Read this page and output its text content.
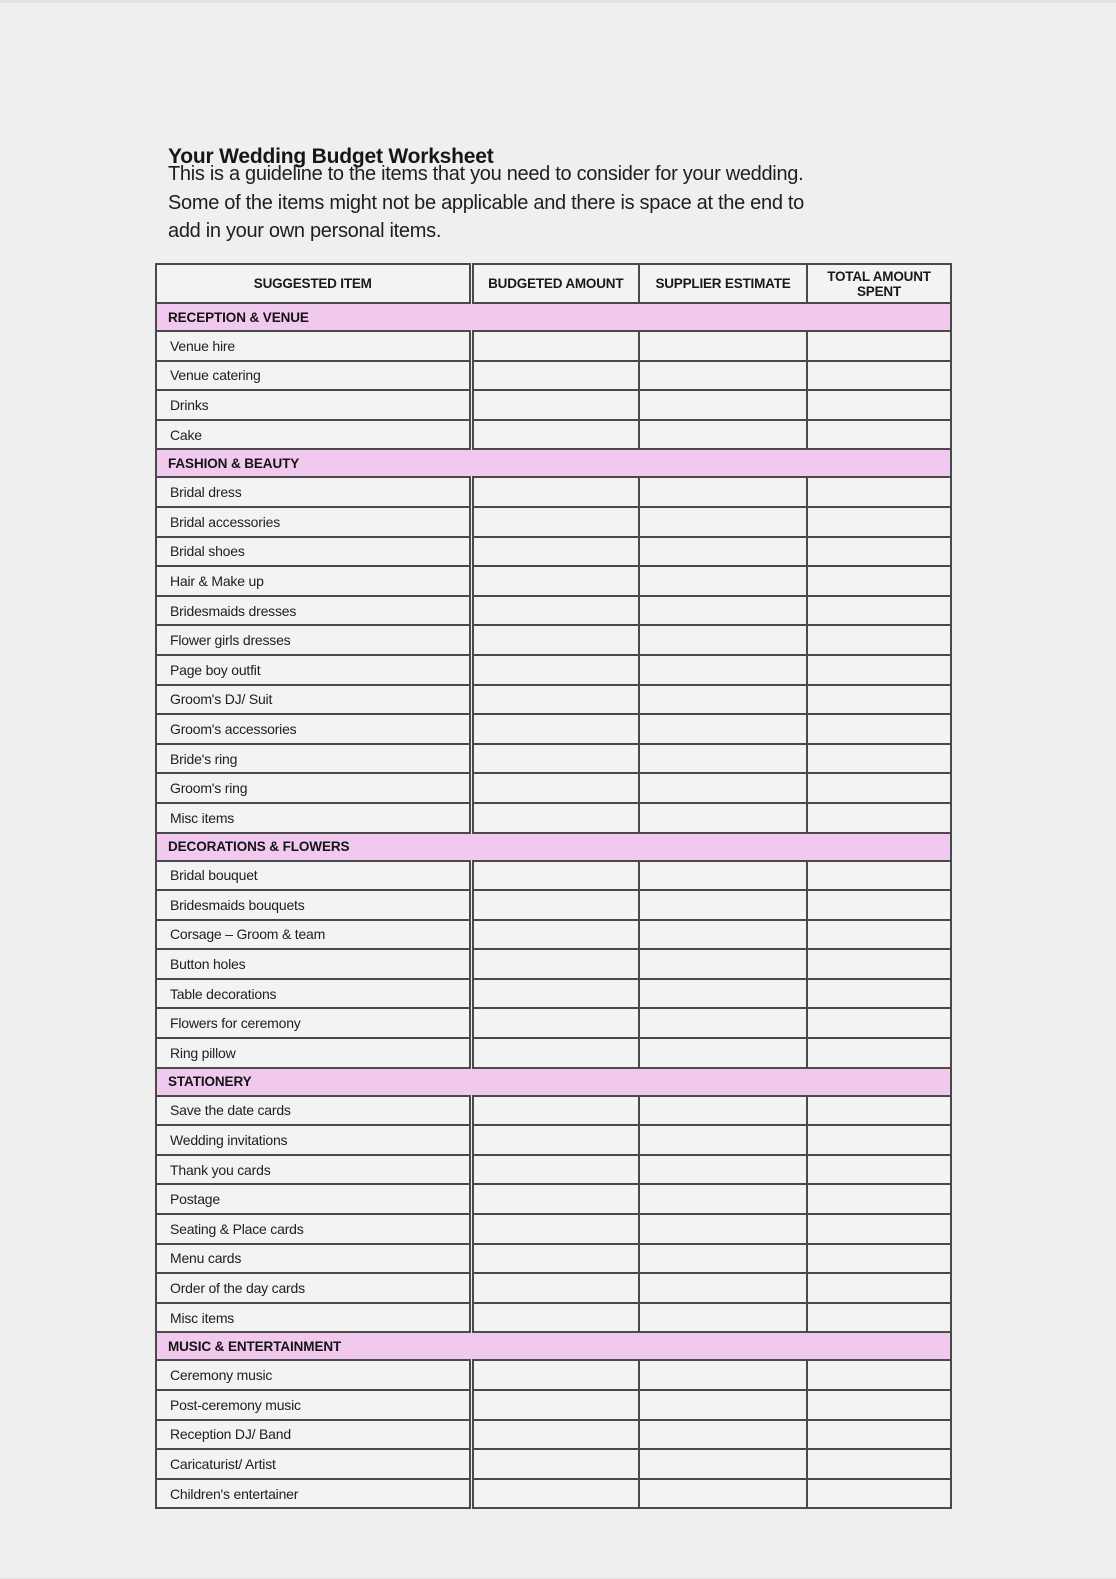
Your Wedding Budget Worksheet
This is a guideline to the items that you need to consider for your wedding.
Some of the items might not be applicable and there is space at the end to
add in your own personal items.
SUGGESTED ITEM	BUDGETED AMOUNT	SUPPLIER ESTIMATE	TOTAL AMOUNT SPENT
RECEPTION & VENUE			
Venue hire			
Venue catering			
Drinks			
Cake			
FASHION & BEAUTY			
Bridal dress			
Bridal accessories			
Bridal shoes			
Hair & Make up			
Bridesmaids dresses			
Flower girls dresses			
Page boy outfit			
Groom's DJ/ Suit			
Groom's accessories			
Bride's ring			
Groom's ring			
Misc items			
DECORATIONS & FLOWERS			
Bridal bouquet			
Bridesmaids bouquets			
Corsage – Groom & team			
Button holes			
Table decorations			
Flowers for ceremony			
Ring pillow			
STATIONERY			
Save the date cards			
Wedding invitations			
Thank you cards			
Postage			
Seating & Place cards			
Menu cards			
Order of the day cards			
Misc items			
MUSIC & ENTERTAINMENT			
Ceremony music			
Post-ceremony music			
Reception DJ/ Band			
Caricaturist/ Artist			
Children's entertainer			
